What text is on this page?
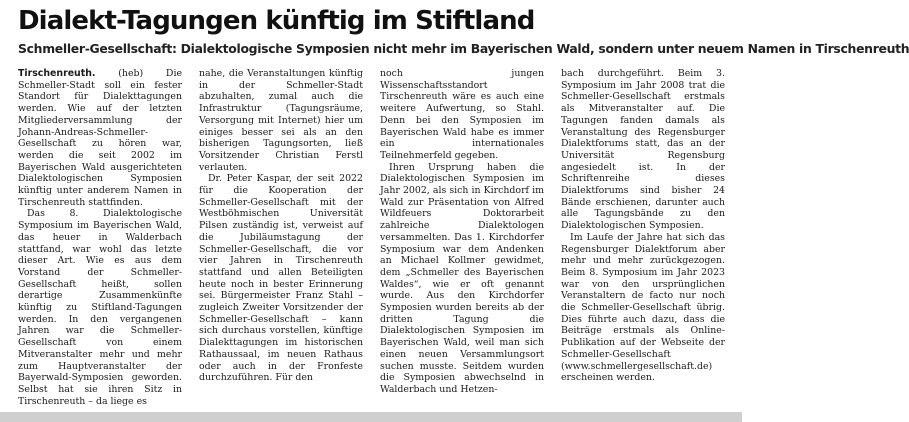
Dialekt-Tagungen künftig im Stiftland
Schmeller-Gesellschaft: Dialektologische Symposien nicht mehr im Bayerischen Wald, sondern unter neuem Namen in Tirschenreuth

Tirschenreuth. (heb) Die Schmeller-Stadt soll ein fester Standort für Dialekttagungen werden. Wie auf der letzten Mitgliederversammlung der Johann-Andreas-Schmeller-Gesellschaft zu hören war, werden die seit 2002 im Bayerischen Wald ausgerichteten Dialektologischen Symposien künftig unter anderem Namen in Tirschenreuth stattfinden.

Das 8. Dialektologische Symposium im Bayerischen Wald, das heuer in Walderbach stattfand, war wohl das letzte dieser Art. Wie es aus dem Vorstand der Schmeller-Gesellschaft heißt, sollen derartige Zusammenkünfte künftig zu Stiftland-Tagungen werden. In den vergangenen Jahren war die Schmeller-Gesellschaft von einem Mitveranstalter mehr und mehr zum Hauptveranstalter der Bayerwald-Symposien geworden. Selbst hat sie ihren Sitz in Tirschenreuth – da liege es

nahe, die Veranstaltungen künftig in der Schmeller-Stadt abzuhalten, zumal auch die Infrastruktur (Tagungsräume, Versorgung mit Internet) hier um einiges besser sei als an den bisherigen Tagungsorten, ließ Vorsitzender Christian Ferstl verlauten.

Dr. Peter Kaspar, der seit 2022 für die Kooperation der Schmeller-Gesellschaft mit der Westböhmischen Universität Pilsen zuständig ist, verweist auf die Jubiläumstagung der Schmeller-Gesellschaft, die vor vier Jahren in Tirschenreuth stattfand und allen Beteiligten heute noch in bester Erinnerung sei. Bürgermeister Franz Stahl – zugleich Zweiter Vorsitzender der Schmeller-Gesellschaft – kann sich durchaus vorstellen, künftige Dialekttagungen im historischen Rathaussaal, im neuen Rathaus oder auch in der Fronfeste durchzuführen. Für den

noch jungen Wissenschaftsstandort Tirschenreuth wäre es auch eine weitere Aufwertung, so Stahl. Denn bei den Symposien im Bayerischen Wald habe es immer ein internationales Teilnehmerfeld gegeben.

Ihren Ursprung haben die Dialektologischen Symposien im Jahr 2002, als sich in Kirchdorf im Wald zur Präsentation von Alfred Wildfeuers Doktorarbeit zahlreiche Dialektologen versammelten. Das 1. Kirchdorfer Symposium war dem Andenken an Michael Kollmer gewidmet, dem „Schmeller des Bayerischen Waldes“, wie er oft genannt wurde. Aus den Kirchdorfer Symposien wurden bereits ab der dritten Tagung die Dialektologischen Symposien im Bayerischen Wald, weil man sich einen neuen Versammlungsort suchen musste. Seitdem wurden die Symposien abwechselnd in Walderbach und Hetzen-

bach durchgeführt. Beim 3. Symposium im Jahr 2008 trat die Schmeller-Gesellschaft erstmals als Mitveranstalter auf. Die Tagungen fanden damals als Veranstaltung des Regensburger Dialektforums statt, das an der Universität Regensburg angesiedelt ist. In der Schriftenreihe dieses Dialektforums sind bisher 24 Bände erschienen, darunter auch alle Tagungsbände zu den Dialektologischen Symposien.

Im Laufe der Jahre hat sich das Regensburger Dialektforum aber mehr und mehr zurückgezogen. Beim 8. Symposium im Jahr 2023 war von den ursprünglichen Veranstaltern de facto nur noch die Schmeller-Gesellschaft übrig. Dies führte auch dazu, dass die Beiträge erstmals als Online-Publikation auf der Webseite der Schmeller-Gesellschaft (www.schmellergesellschaft.de) erscheinen werden.
